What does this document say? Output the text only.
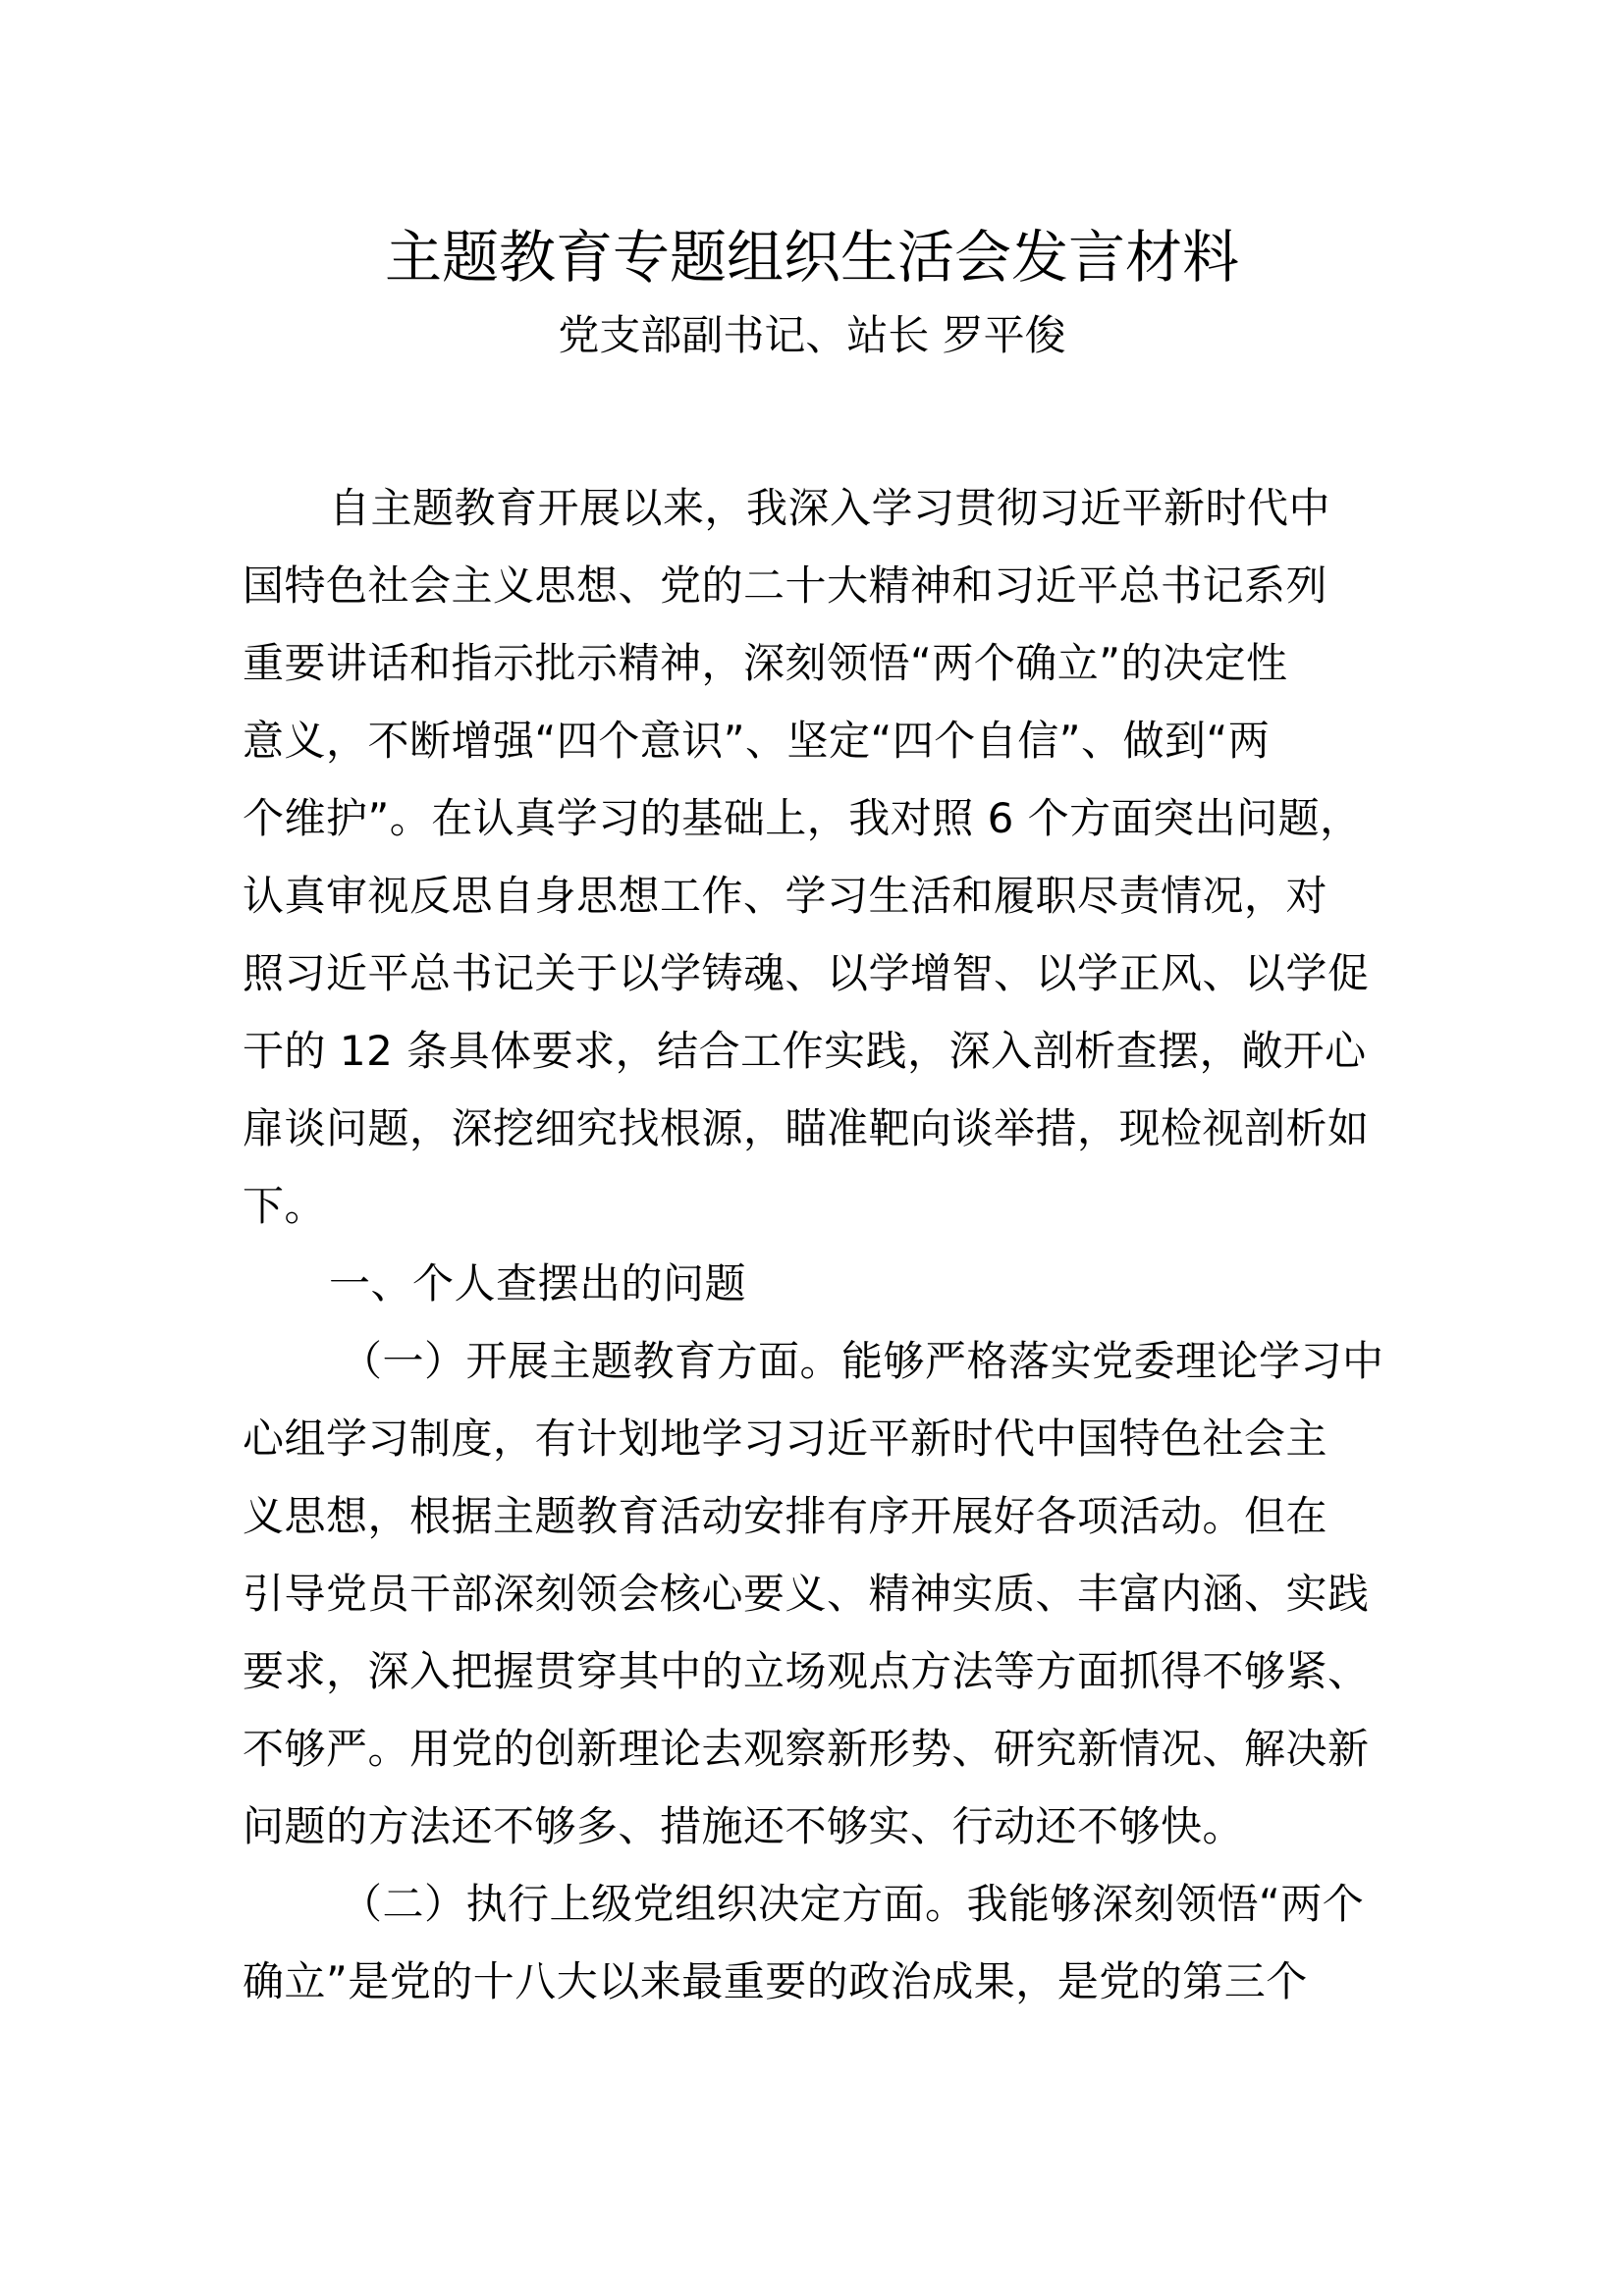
主题教育专题组织生活会发言材料
党支部副书记、站长 罗平俊
自主题教育开展以来，我深入学习贯彻习近平新时代中
国特色社会主义思想、党的二十大精神和习近平总书记系列
重要讲话和指示批示精神，深刻领悟“两个确立”的决定性
意义，不断增强“四个意识”、坚定“四个自信”、做到“两
个维护”。在认真学习的基础上，我对照 6 个方面突出问题，
认真审视反思自身思想工作、学习生活和履职尽责情况，对
照习近平总书记关于以学铸魂、以学增智、以学正风、以学促
干的 12 条具体要求，结合工作实践，深入剖析查摆，敞开心
扉谈问题，深挖细究找根源，瞄准靶向谈举措，现检视剖析如
下。
一、个人查摆出的问题
（一）开展主题教育方面。能够严格落实党委理论学习中
心组学习制度，有计划地学习习近平新时代中国特色社会主
义思想，根据主题教育活动安排有序开展好各项活动。但在
引导党员干部深刻领会核心要义、精神实质、丰富内涵、实践
要求，深入把握贯穿其中的立场观点方法等方面抓得不够紧、
不够严。用党的创新理论去观察新形势、研究新情况、解决新
问题的方法还不够多、措施还不够实、行动还不够快。
（二）执行上级党组织决定方面。我能够深刻领悟“两个
确立”是党的十八大以来最重要的政治成果，是党的第三个
